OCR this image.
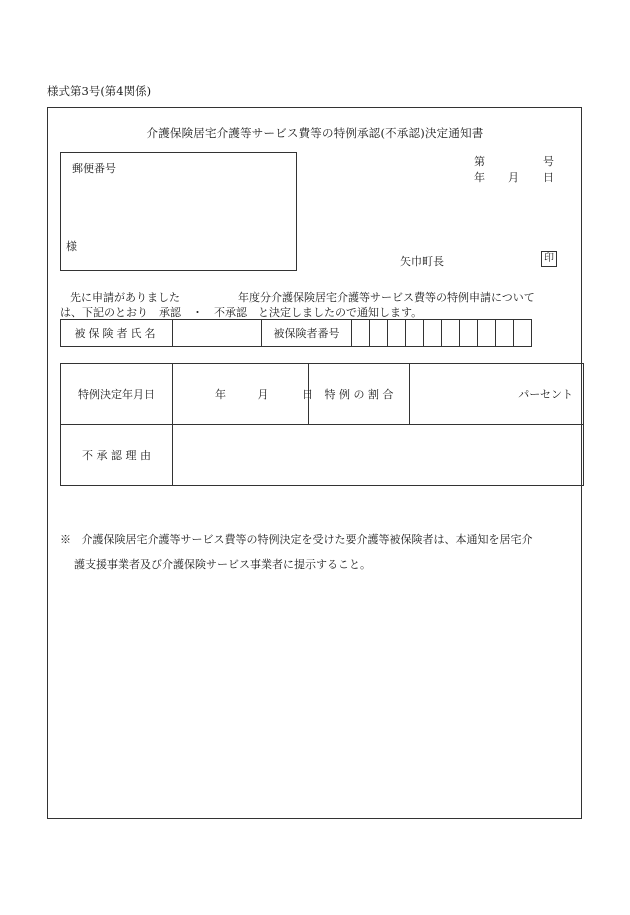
様式第3号(第4関係)
介護保険居宅介護等サービス費等の特例承認(不承認)決定通知書
郵便番号
様
第	号
年 月 日
矢巾町長	印
先に申請がありました	年度分介護保険居宅介護等サービス費等の特例申請について
は、下記のとおり　承認　・　不承認　と決定しましたので通知します。
被保険者氏名		被保険者番号										
特例決定年月日	年 月 日	特 例 の 割 合	パーセント
不 承 認 理 由			
※ 介護保険居宅介護等サービス費等の特例決定を受けた要介護等被保険者は、本通知を居宅介
護支援事業者及び介護保険サービス事業者に提示すること。
